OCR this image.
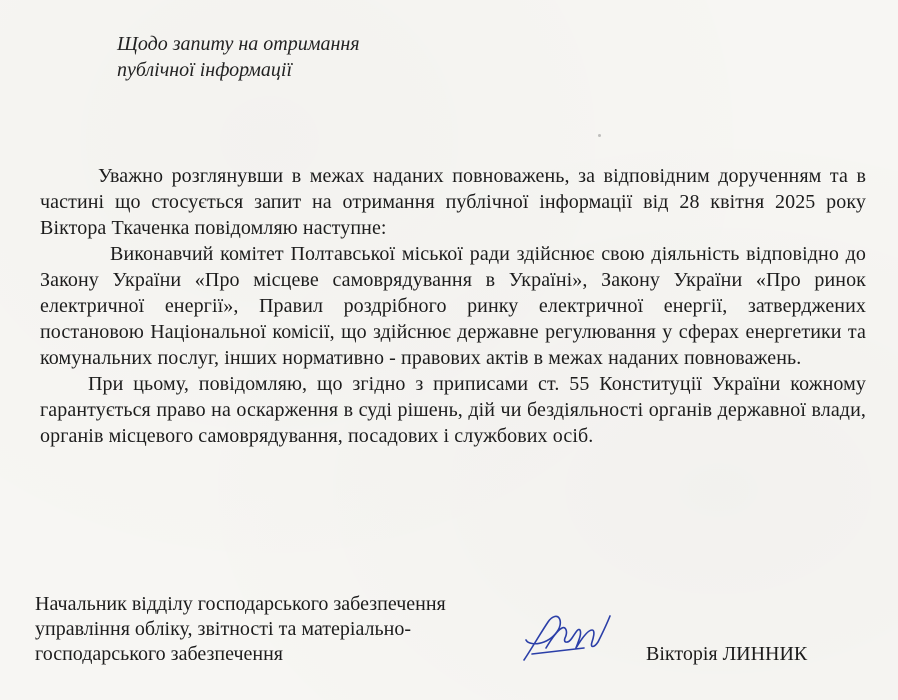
Щодо запиту на отримання
публічної інформації

Уважно розглянувши в межах наданих повноважень, за відповідним дорученням та в частині що стосується запит на отримання публічної інформації від 28 квітня 2025 року Віктора Ткаченка повідомляю наступне:

Виконавчий комітет Полтавської міської ради здійснює свою діяльність відповідно до Закону України «Про місцеве самоврядування в Україні», Закону України «Про ринок електричної енергії», Правил роздрібного ринку електричної енергії, затверджених постановою Національної комісії, що здійснює державне регулювання у сферах енергетики та комунальних послуг, інших нормативно - правових актів в межах наданих повноважень.

При цьому, повідомляю, що згідно з приписами ст. 55 Конституції України кожному гарантується право на оскарження в суді рішень, дій чи бездіяльності органів державної влади, органів місцевого самоврядування, посадових і службових осіб.

Начальник відділу господарського забезпечення
управління обліку, звітності та матеріально-
господарського забезпечення	Вікторія ЛИННИК
